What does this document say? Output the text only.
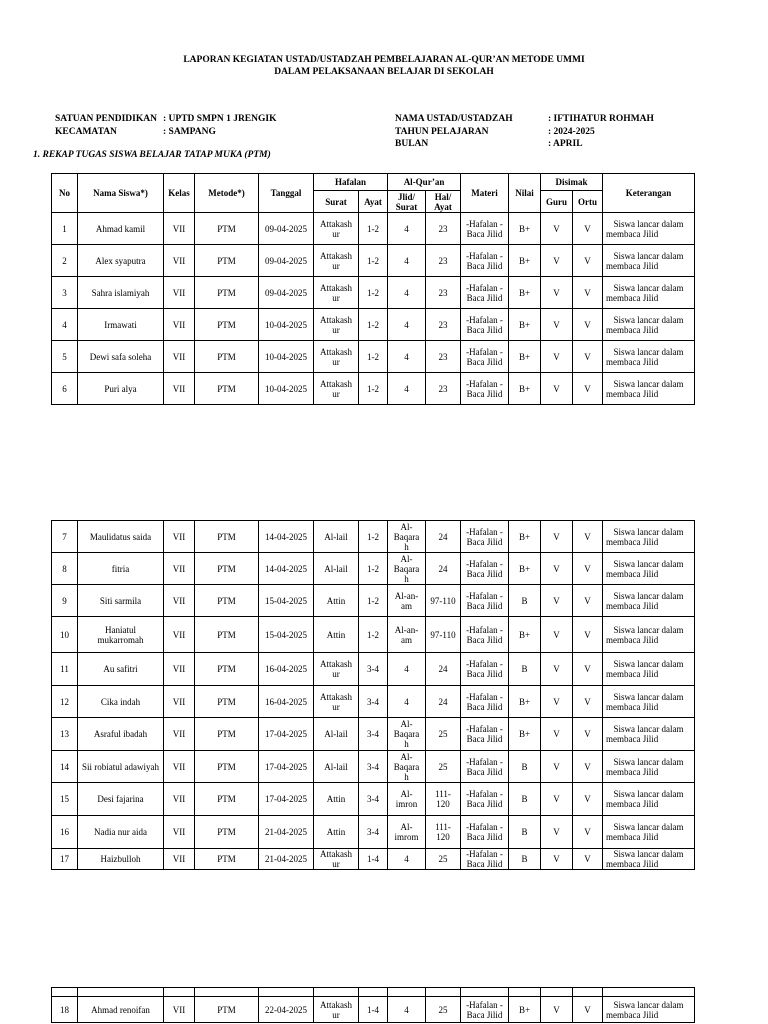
LAPORAN KEGIATAN USTAD/USTADZAH PEMBELAJARAN AL-QUR’AN METODE UMMI
DALAM PELAKSANAAN BELAJAR DI SEKOLAH
SATUAN PENDIDIKAN : UPTD SMPN 1 JRENGIK
KECAMATAN	: SAMPANG
NAMA USTAD/USTADZAH	: IFTIHATUR ROHMAH
TAHUN PELAJARAN	: 2024-2025
BULAN	: APRIL
1. REKAP TUGAS SISWA BELAJAR TATAP MUKA (PTM)
No	Nama Siswa*)	Kelas	Metode*)	Tanggal	Hafalan		Al-Qur’an		Materi	Nilai	Disimak		Keterangan
					Surat	Ayat	Jlid/ Surat	Hal/ Ayat			Guru	Ortu	
1	Ahmad kamil	VII	PTM	09-04-2025	Attakash ur	1-2	4	23	-Hafalan -Baca Jilid	B+	V	V	Siswa lancar dalam membaca Jilid
2	Alex syaputra	VII	PTM	09-04-2025	Attakash ur	1-2	4	23	-Hafalan -Baca Jilid	B+	V	V	Siswa lancar dalam membaca Jilid
3	Sahra islamiyah	VII	PTM	09-04-2025	Attakash ur	1-2	4	23	-Hafalan -Baca Jilid	B+	V	V	Siswa lancar dalam membaca Jilid
4	Irmawati	VII	PTM	10-04-2025	Attakash ur	1-2	4	23	-Hafalan -Baca Jilid	B+	V	V	Siswa lancar dalam membaca Jilid
5	Dewi safa soleha	VII	PTM	10-04-2025	Attakash ur	1-2	4	23	-Hafalan -Baca Jilid	B+	V	V	Siswa lancar dalam membaca Jilid
6	Puri alya	VII	PTM	10-04-2025	Attakash ur	1-2	4	23	-Hafalan -Baca Jilid	B+	V	V	Siswa lancar dalam membaca Jilid
7	Maulidatus saida	VII	PTM	14-04-2025	Al-lail	1-2	Al-Baqara h	24	-Hafalan -Baca Jilid	B+	V	V	Siswa lancar dalam membaca Jilid
8	fitria	VII	PTM	14-04-2025	Al-lail	1-2	Al-Baqara h	24	-Hafalan -Baca Jilid	B+	V	V	Siswa lancar dalam membaca Jilid
9	Siti sarmila	VII	PTM	15-04-2025	Attin	1-2	Al-an-am	97-110	-Hafalan -Baca Jilid	B	V	V	Siswa lancar dalam membaca Jilid
10	Haniatul mukarromah	VII	PTM	15-04-2025	Attin	1-2	Al-an-am	97-110	-Hafalan -Baca Jilid	B+	V	V	Siswa lancar dalam membaca Jilid
11	Au safitri	VII	PTM	16-04-2025	Attakash ur	3-4	4	24	-Hafalan -Baca Jilid	B	V	V	Siswa lancar dalam membaca Jilid
12	Cika indah	VII	PTM	16-04-2025	Attakash ur	3-4	4	24	-Hafalan -Baca Jilid	B+	V	V	Siswa lancar dalam membaca Jilid
13	Asraful ibadah	VII	PTM	17-04-2025	Al-lail	3-4	Al-Baqara h	25	-Hafalan -Baca Jilid	B+	V	V	Siswa lancar dalam membaca Jilid
14	Sii robiatul adawiyah	VII	PTM	17-04-2025	Al-lail	3-4	Al-Baqara h	25	-Hafalan -Baca Jilid	B	V	V	Siswa lancar dalam membaca Jilid
15	Desi fajarina	VII	PTM	17-04-2025	Attin	3-4	Al-imron	111-120	-Hafalan -Baca Jilid	B	V	V	Siswa lancar dalam membaca Jilid
16	Nadia nur aida	VII	PTM	21-04-2025	Attin	3-4	Al-imrom	111-120	-Hafalan -Baca Jilid	B	V	V	Siswa lancar dalam membaca Jilid
17	Haizbulloh	VII	PTM	21-04-2025	Attakash ur	1-4	4	25	-Hafalan -Baca Jilid	B	V	V	Siswa lancar dalam membaca Jilid

18	Ahmad renoifan	VII	PTM	22-04-2025	Attakash ur	1-4	4	25	-Hafalan -Baca Jilid	B+	V	V	Siswa lancar dalam membaca Jilid
